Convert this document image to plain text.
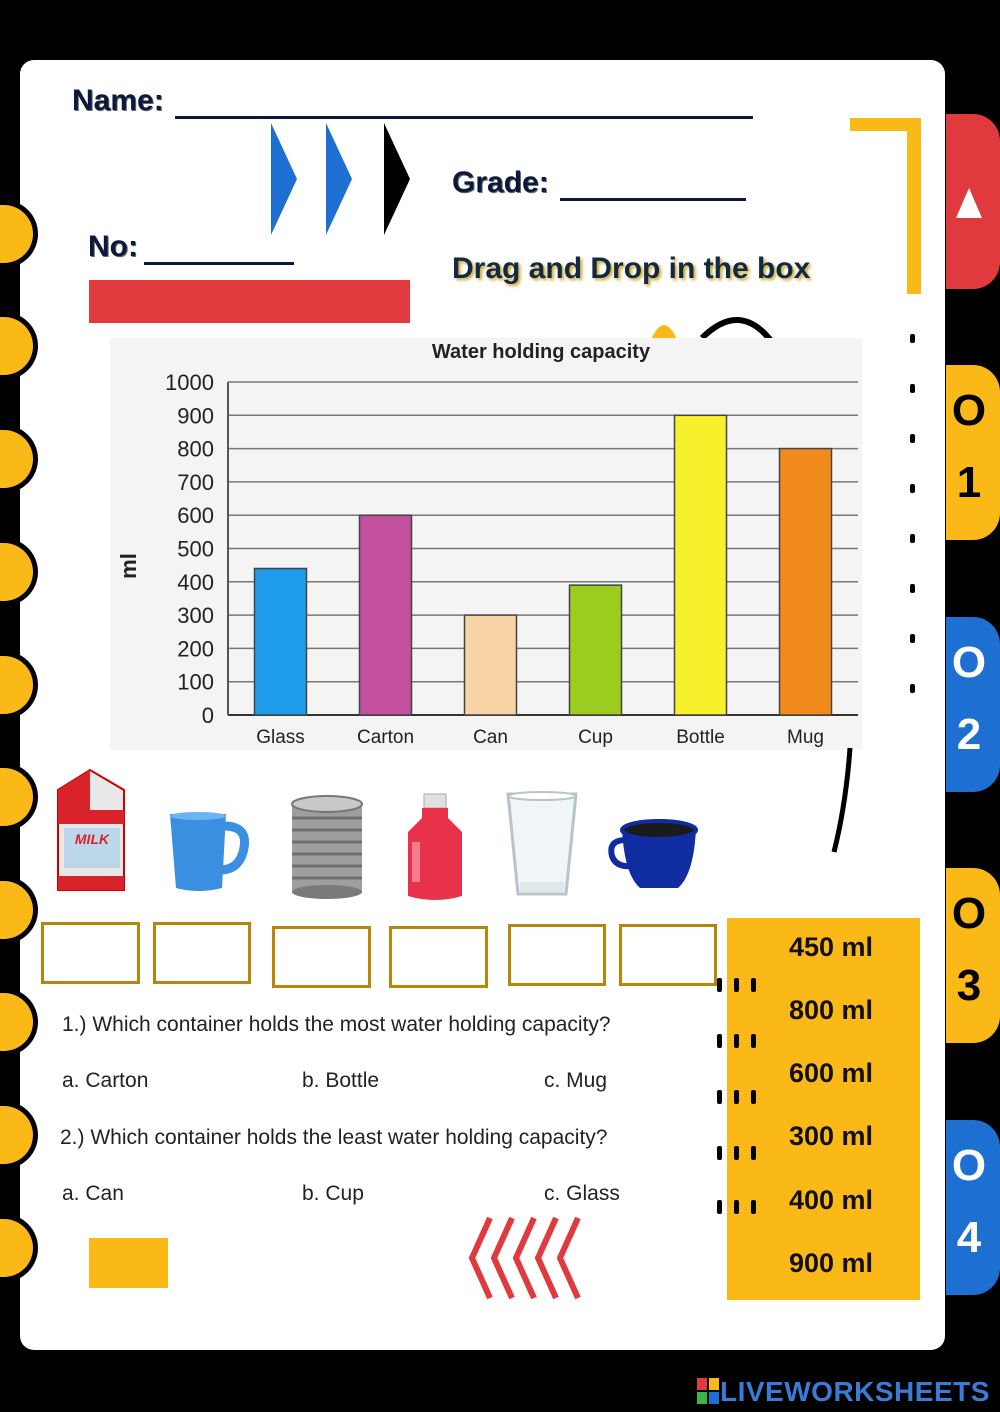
O
1
O
2
O
3
O
4
Name:
Grade:
No:
Drag and Drop in the box
Water holding capacity
ml
0
100
200
300
400
500
600
700
800
900
1000
Glass	Carton	Can	Cup	Bottle	Mug
MILK
1.) Which container holds the most water holding capacity?
a. Carton	b. Bottle	c. Mug
2.) Which container holds the least water holding capacity?
a. Can	b. Cup	c. Glass
450 ml
800 ml
600 ml
300 ml
400 ml
900 ml
LIVEWORKSHEETS
